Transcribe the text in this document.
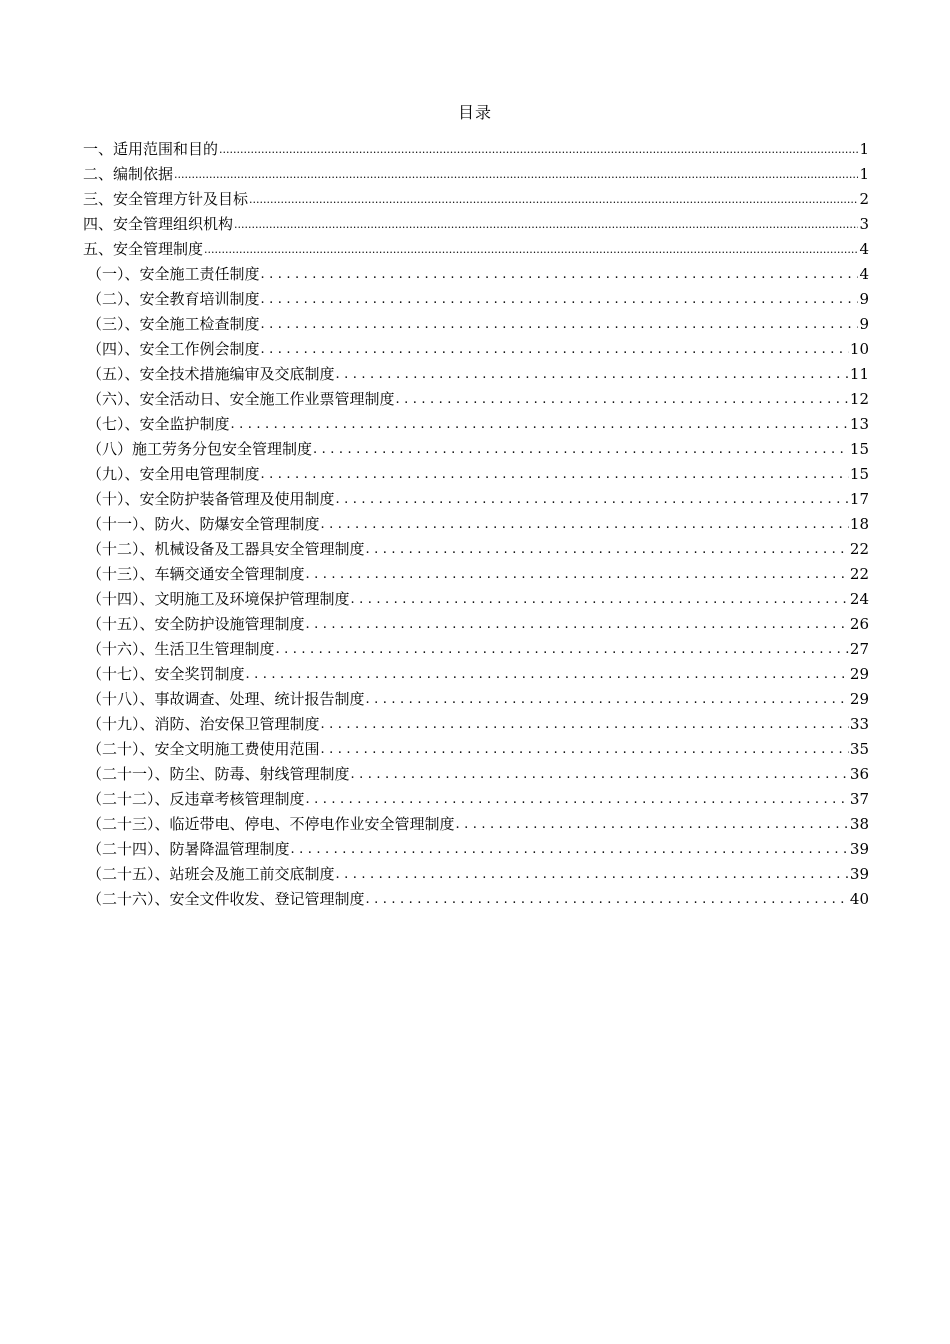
目录
一、适用范围和目的 .....	1
二、编制依据 .....	1
三、安全管理方针及目标 .....	2
四、安全管理组织机构 .....	3
五、安全管理制度 .....	4
（一）、安全施工责任制度 .....	4
（二）、安全教育培训制度 .....	9
（三）、安全施工检查制度 .....	9
（四）、安全工作例会制度 .....	10
（五）、安全技术措施编审及交底制度 .....	11
（六）、安全活动日、安全施工作业票管理制度 .....	12
（七）、安全监护制度 .....	13
（八）施工劳务分包安全管理制度 .....	15
（九）、安全用电管理制度 .....	15
（十）、安全防护装备管理及使用制度 .....	17
（十一）、防火、防爆安全管理制度 .....	18
（十二）、机械设备及工器具安全管理制度 .....	22
（十三）、车辆交通安全管理制度 .....	22
（十四）、文明施工及环境保护管理制度 .....	24
（十五）、安全防护设施管理制度 .....	26
（十六）、生活卫生管理制度 .....	27
（十七）、安全奖罚制度 .....	29
（十八）、事故调查、处理、统计报告制度 .....	29
（十九）、消防、治安保卫管理制度 .....	33
（二十）、安全文明施工费使用范围 .....	35
（二十一）、防尘、防毒、射线管理制度 .....	36
（二十二）、反违章考核管理制度 .....	37
（二十三）、临近带电、停电、不停电作业安全管理制度 .....	38
（二十四）、防暑降温管理制度 .....	39
（二十五）、站班会及施工前交底制度 .....	39
（二十六）、安全文件收发、登记管理制度 .....	40
